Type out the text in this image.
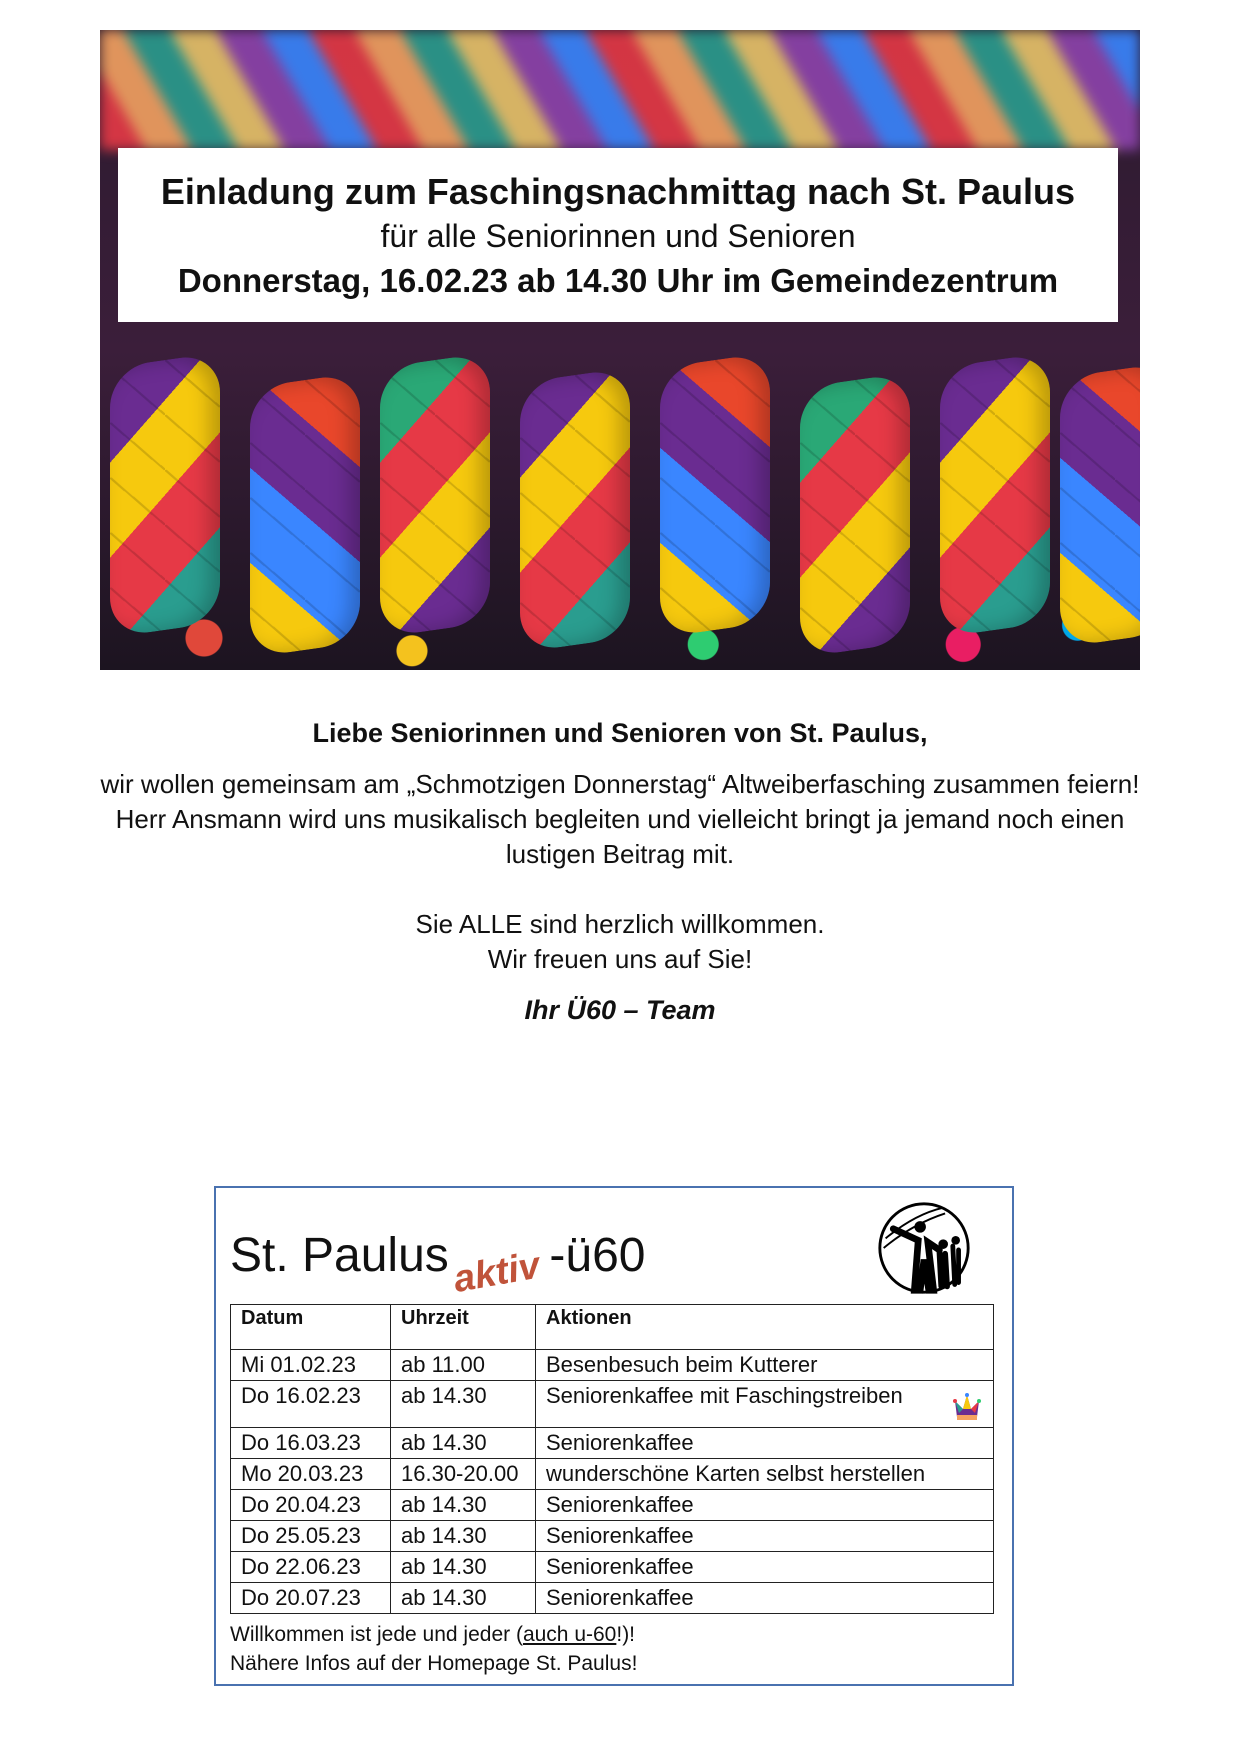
Einladung zum Faschingsnachmittag nach St. Paulus
für alle Seniorinnen und Senioren
Donnerstag, 16.02.23 ab 14.30 Uhr im Gemeindezentrum
Liebe Seniorinnen und Senioren von St. Paulus,
wir wollen gemeinsam am „Schmotzigen Donnerstag“ Altweiberfasching zusammen feiern!
Herr Ansmann wird uns musikalisch begleiten und vielleicht bringt ja jemand noch einen
lustigen Beitrag mit.
Sie ALLE sind herzlich willkommen.
Wir freuen uns auf Sie!
Ihr Ü60 – Team
St. Paulusaktiv -ü60
Datum	Uhrzeit	Aktionen
Mi 01.02.23	ab 11.00	Besenbesuch beim Kutterer
Do 16.02.23	ab 14.30	Seniorenkaffee mit Faschingstreiben
Do 16.03.23	ab 14.30	Seniorenkaffee
Mo 20.03.23	16.30-20.00	wunderschöne Karten selbst herstellen
Do 20.04.23	ab 14.30	Seniorenkaffee
Do 25.05.23	ab 14.30	Seniorenkaffee
Do 22.06.23	ab 14.30	Seniorenkaffee
Do 20.07.23	ab 14.30	Seniorenkaffee
Willkommen ist jede und jeder (auch u-60!)!
Nähere Infos auf der Homepage St. Paulus!
